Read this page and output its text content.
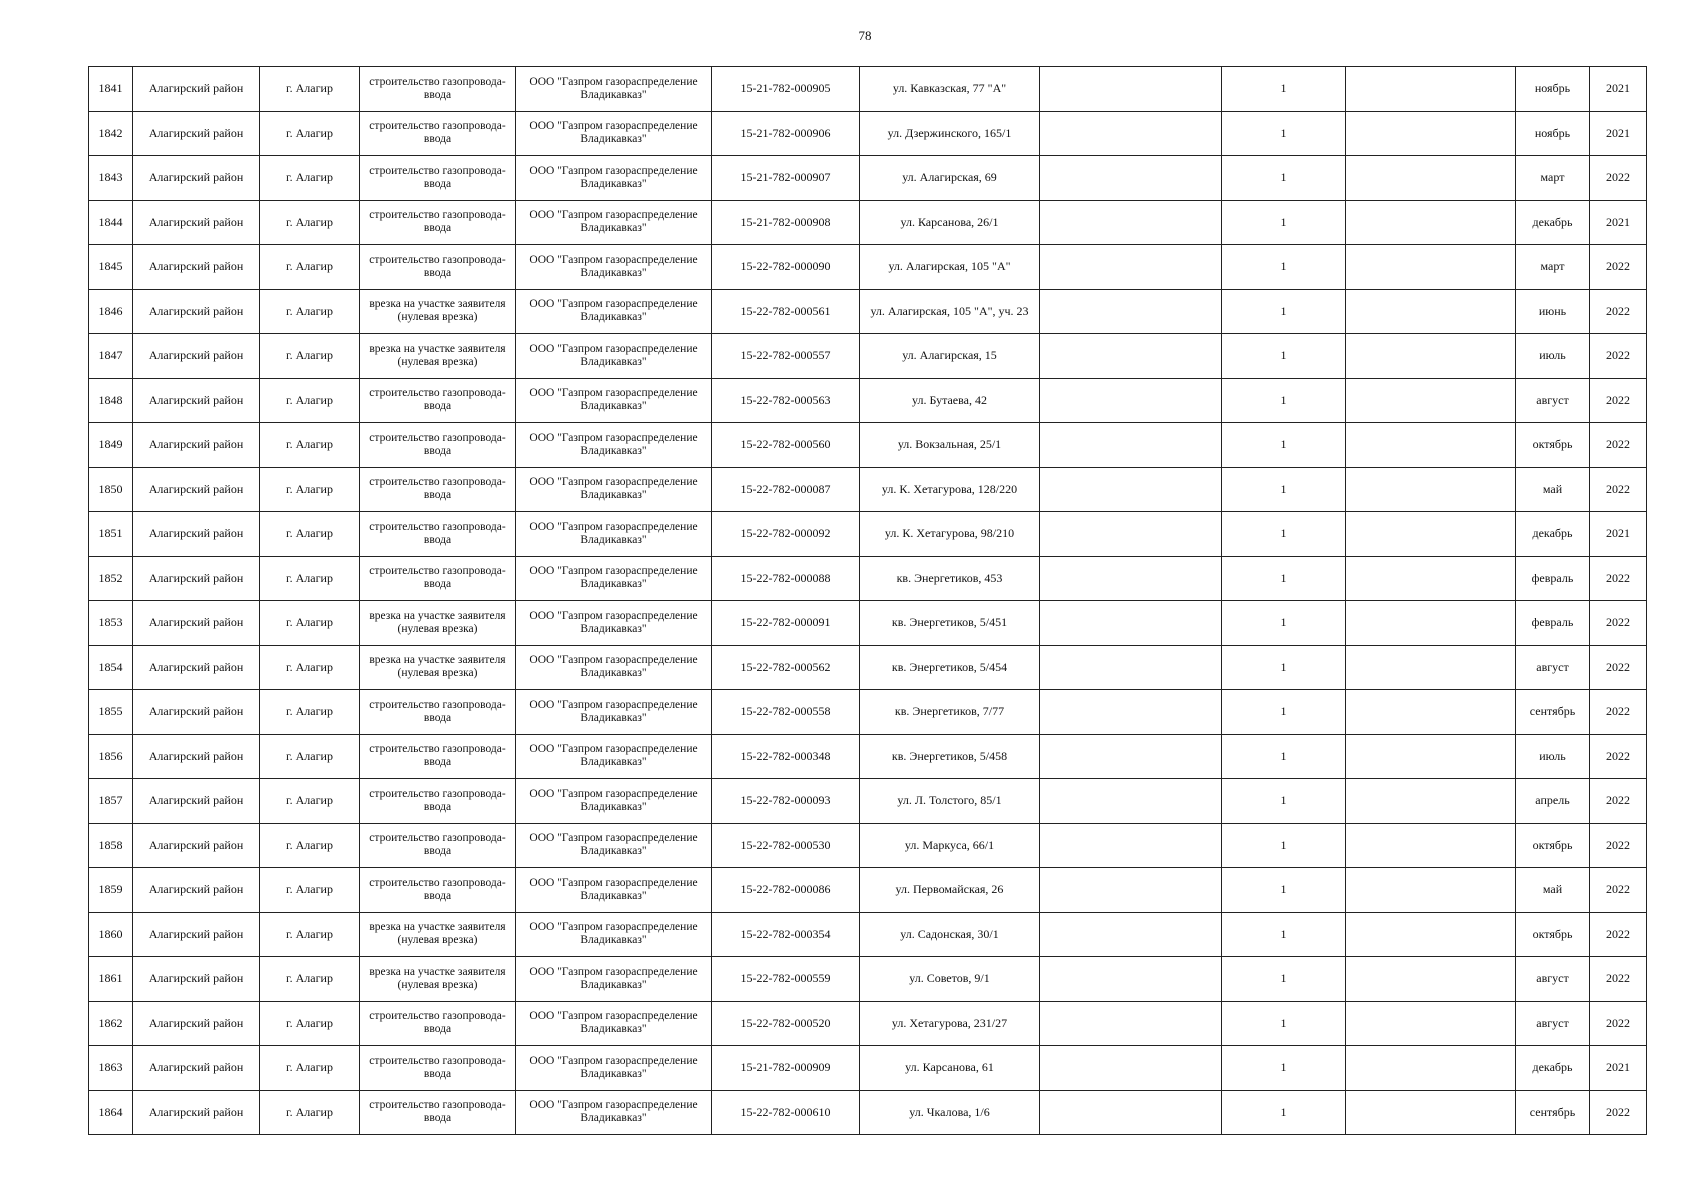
78
1841	Алагирский район	г. Алагир	строительство газопровода-ввода	ООО "Газпром газораспределение Владикавказ"	15-21-782-000905	ул. Кавказская, 77 "А"		1		ноябрь	2021
1842	Алагирский район	г. Алагир	строительство газопровода-ввода	ООО "Газпром газораспределение Владикавказ"	15-21-782-000906	ул. Дзержинского, 165/1		1		ноябрь	2021
1843	Алагирский район	г. Алагир	строительство газопровода-ввода	ООО "Газпром газораспределение Владикавказ"	15-21-782-000907	ул. Алагирская, 69		1		март	2022
1844	Алагирский район	г. Алагир	строительство газопровода-ввода	ООО "Газпром газораспределение Владикавказ"	15-21-782-000908	ул. Карсанова, 26/1		1		декабрь	2021
1845	Алагирский район	г. Алагир	строительство газопровода-ввода	ООО "Газпром газораспределение Владикавказ"	15-22-782-000090	ул. Алагирская, 105 "А"		1		март	2022
1846	Алагирский район	г. Алагир	врезка на участке заявителя (нулевая врезка)	ООО "Газпром газораспределение Владикавказ"	15-22-782-000561	ул. Алагирская, 105 "А", уч. 23		1		июнь	2022
1847	Алагирский район	г. Алагир	врезка на участке заявителя (нулевая врезка)	ООО "Газпром газораспределение Владикавказ"	15-22-782-000557	ул. Алагирская, 15		1		июль	2022
1848	Алагирский район	г. Алагир	строительство газопровода-ввода	ООО "Газпром газораспределение Владикавказ"	15-22-782-000563	ул. Бутаева, 42		1		август	2022
1849	Алагирский район	г. Алагир	строительство газопровода-ввода	ООО "Газпром газораспределение Владикавказ"	15-22-782-000560	ул. Вокзальная, 25/1		1		октябрь	2022
1850	Алагирский район	г. Алагир	строительство газопровода-ввода	ООО "Газпром газораспределение Владикавказ"	15-22-782-000087	ул. К. Хетагурова, 128/220		1		май	2022
1851	Алагирский район	г. Алагир	строительство газопровода-ввода	ООО "Газпром газораспределение Владикавказ"	15-22-782-000092	ул. К. Хетагурова, 98/210		1		декабрь	2021
1852	Алагирский район	г. Алагир	строительство газопровода-ввода	ООО "Газпром газораспределение Владикавказ"	15-22-782-000088	кв. Энергетиков, 453		1		февраль	2022
1853	Алагирский район	г. Алагир	врезка на участке заявителя (нулевая врезка)	ООО "Газпром газораспределение Владикавказ"	15-22-782-000091	кв. Энергетиков, 5/451		1		февраль	2022
1854	Алагирский район	г. Алагир	врезка на участке заявителя (нулевая врезка)	ООО "Газпром газораспределение Владикавказ"	15-22-782-000562	кв. Энергетиков, 5/454		1		август	2022
1855	Алагирский район	г. Алагир	строительство газопровода-ввода	ООО "Газпром газораспределение Владикавказ"	15-22-782-000558	кв. Энергетиков, 7/77		1		сентябрь	2022
1856	Алагирский район	г. Алагир	строительство газопровода-ввода	ООО "Газпром газораспределение Владикавказ"	15-22-782-000348	кв. Энергетиков, 5/458		1		июль	2022
1857	Алагирский район	г. Алагир	строительство газопровода-ввода	ООО "Газпром газораспределение Владикавказ"	15-22-782-000093	ул. Л. Толстого, 85/1		1		апрель	2022
1858	Алагирский район	г. Алагир	строительство газопровода-ввода	ООО "Газпром газораспределение Владикавказ"	15-22-782-000530	ул. Маркуса, 66/1		1		октябрь	2022
1859	Алагирский район	г. Алагир	строительство газопровода-ввода	ООО "Газпром газораспределение Владикавказ"	15-22-782-000086	ул. Первомайская, 26		1		май	2022
1860	Алагирский район	г. Алагир	врезка на участке заявителя (нулевая врезка)	ООО "Газпром газораспределение Владикавказ"	15-22-782-000354	ул. Садонская, 30/1		1		октябрь	2022
1861	Алагирский район	г. Алагир	врезка на участке заявителя (нулевая врезка)	ООО "Газпром газораспределение Владикавказ"	15-22-782-000559	ул. Советов, 9/1		1		август	2022
1862	Алагирский район	г. Алагир	строительство газопровода-ввода	ООО "Газпром газораспределение Владикавказ"	15-22-782-000520	ул. Хетагурова, 231/27		1		август	2022
1863	Алагирский район	г. Алагир	строительство газопровода-ввода	ООО "Газпром газораспределение Владикавказ"	15-21-782-000909	ул. Карсанова, 61		1		декабрь	2021
1864	Алагирский район	г. Алагир	строительство газопровода-ввода	ООО "Газпром газораспределение Владикавказ"	15-22-782-000610	ул. Чкалова, 1/6		1		сентябрь	2022
